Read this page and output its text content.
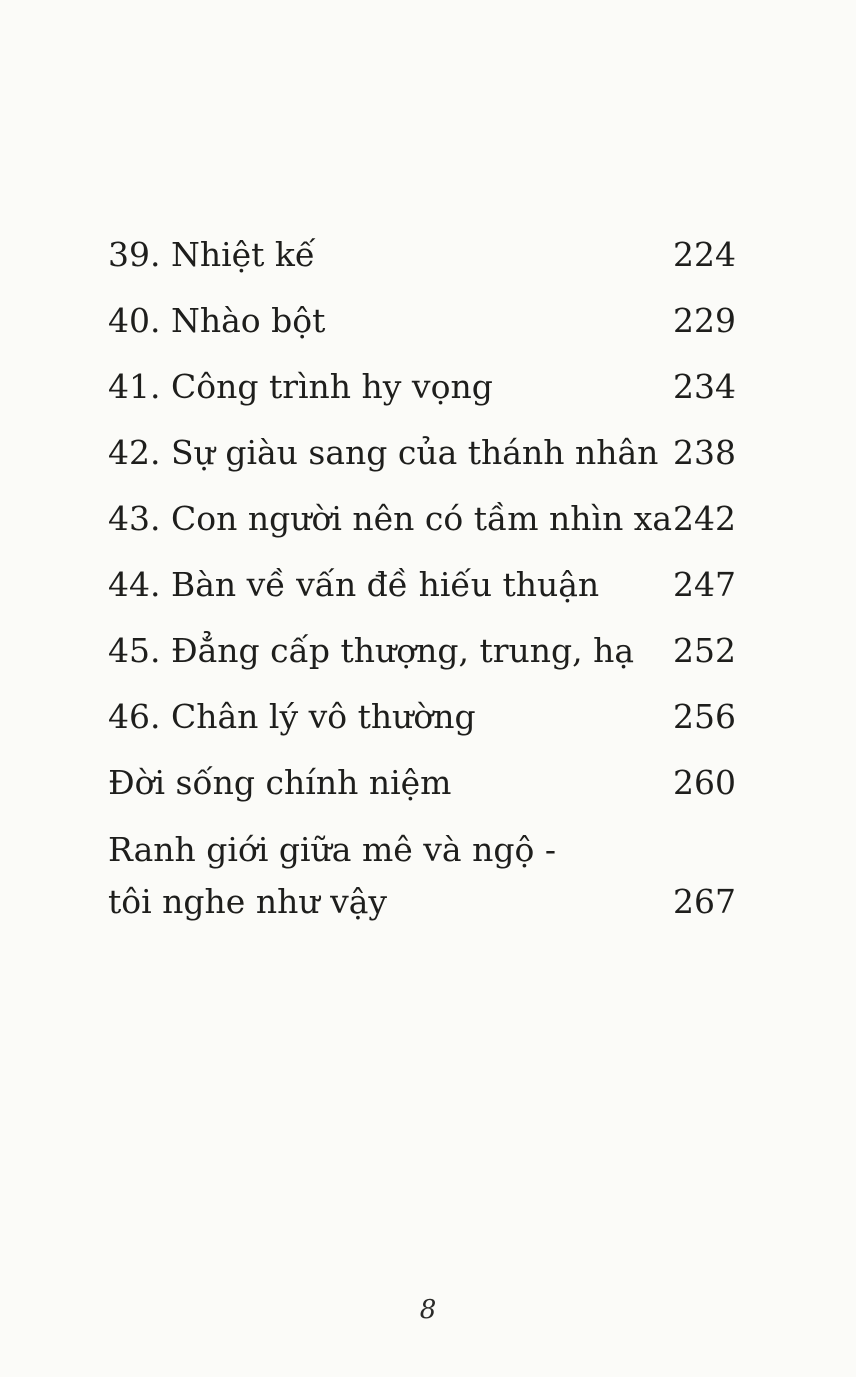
39. Nhiệt kế	224
40. Nhào bột	229
41. Công trình hy vọng	234
42. Sự giàu sang của thánh nhân 238
43. Con người nên có tầm nhìn xa 242
44. Bàn về vấn đề hiếu thuận	247
45. Đẳng cấp thượng, trung, hạ	252
46. Chân lý vô thường	256
Đời sống chính niệm	260
Ranh giới giữa mê và ngộ -
tôi nghe như vậy	267
8
